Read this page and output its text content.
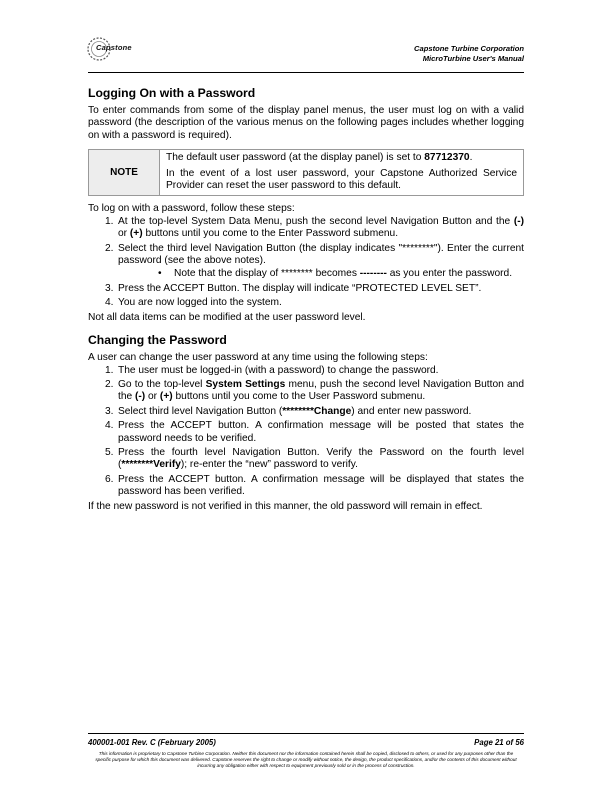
Capstone	Capstone Turbine Corporation
MicroTurbine User's Manual
Logging On with a Password

To enter commands from some of the display panel menus, the user must log on with a valid password (the description of the various menus on the following pages includes whether logging on with a password is required).

NOTE	

The default user password (at the display panel) is set to 87712370.

In the event of a lost user password, your Capstone Authorized Service Provider can reset the user password to this default.

To log on with a password, follow these steps:

1. At the top-level System Data Menu, push the second level Navigation Button and the (-) or (+) buttons until you come to the Enter Password submenu.
2. Select the third level Navigation Button (the display indicates "********"). Enter the current password (see the above notes).
• Note that the display of ******** becomes -------- as you enter the password.
3. Press the ACCEPT Button. The display will indicate “PROTECTED LEVEL SET”.
4. You are now logged into the system.

Not all data items can be modified at the user password level.

Changing the Password

A user can change the user password at any time using the following steps:

1. The user must be logged-in (with a password) to change the password.
2. Go to the top-level System Settings menu, push the second level Navigation Button and the (-) or (+) buttons until you come to the User Password submenu.
3. Select third level Navigation Button (********Change) and enter new password.
4. Press the ACCEPT button. A confirmation message will be posted that states the password needs to be verified.
5. Press the fourth level Navigation Button. Verify the Password on the fourth level (********Verify); re-enter the “new” password to verify.
6. Press the ACCEPT button. A confirmation message will be displayed that states the password has been verified.

If the new password is not verified in this manner, the old password will remain in effect.

400001-001 Rev. C (February 2005)	Page 21 of 56
This information is proprietary to Capstone Turbine Corporation. Neither this document nor the information contained herein shall be copied, disclosed to others, or used for any purposes other than the specific purpose for which this document was delivered. Capstone reserves the right to change or modify without notice, the design, the product specifications, and/or the contents of this document without incurring any obligation either with respect to equipment previously sold or in the process of construction.
